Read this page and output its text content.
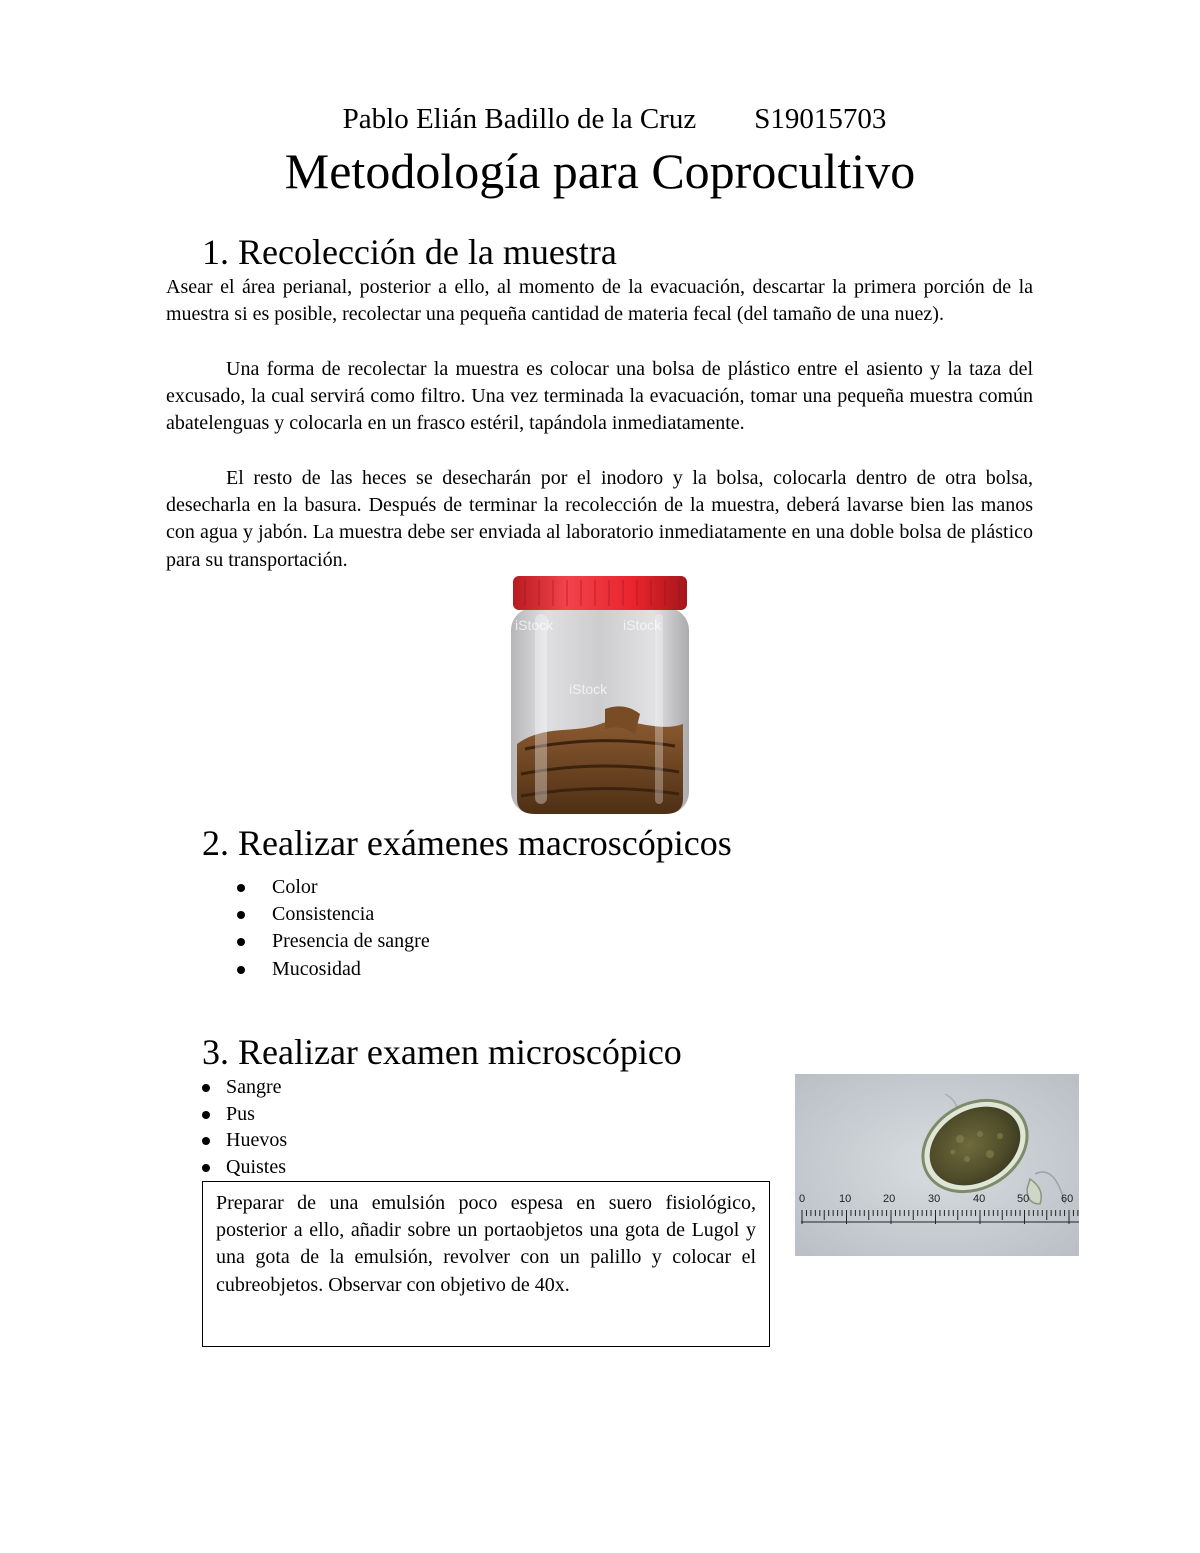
Pablo Elián Badillo de la Cruz S19015703

Metodología para Coprocultivo
1. Recolección de la muestra

Asear el área perianal, posterior a ello, al momento de la evacuación, descartar la primera porción de la muestra si es posible, recolectar una pequeña cantidad de materia fecal (del tamaño de una nuez).

Una forma de recolectar la muestra es colocar una bolsa de plástico entre el asiento y la taza del excusado, la cual servirá como filtro. Una vez terminada la evacuación, tomar una pequeña muestra común abatelenguas y colocarla en un frasco estéril, tapándola inmediatamente.

El resto de las heces se desecharán por el inodoro y la bolsa, colocarla dentro de otra bolsa, desecharla en la basura. Después de terminar la recolección de la muestra, deberá lavarse bien las manos con agua y jabón. La muestra debe ser enviada al laboratorio inmediatamente en una doble bolsa de plástico para su transportación.

iStock	iStock
iStock
2. Realizar exámenes macroscópicos
Color
Consistencia
Presencia de sangre
Mucosidad
3. Realizar examen microscópico
Sangre
Pus
Huevos
Quistes

Preparar de una emulsión poco espesa en suero fisiológico, posterior a ello, añadir sobre un portaobjetos una gota de Lugol y una gota de la emulsión, revolver con un palillo y colocar el cubreobjetos. Observar con objetivo de 40x.

0	10	20	30	40	50	60
